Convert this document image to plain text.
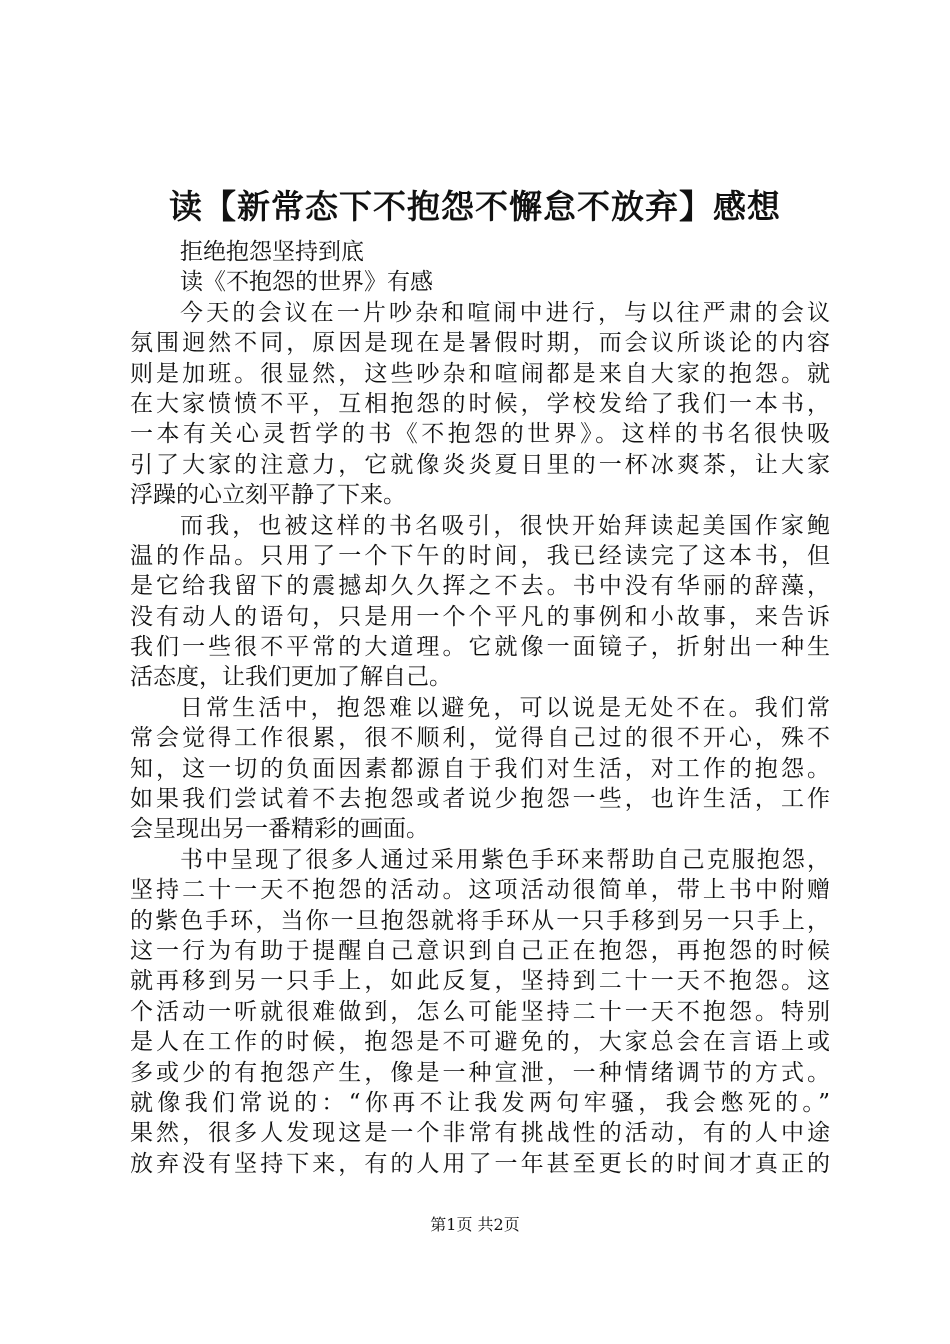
读【新常态下不抱怨不懈怠不放弃】感想
拒绝抱怨坚持到底
读《不抱怨的世界》有感
今天的会议在一片吵杂和喧闹中进行，与以往严肃的会议
氛围迥然不同，原因是现在是暑假时期，而会议所谈论的内容
则是加班。很显然，这些吵杂和喧闹都是来自大家的抱怨。就
在大家愤愤不平，互相抱怨的时候，学校发给了我们一本书，
一本有关心灵哲学的书《不抱怨的世界》。这样的书名很快吸
引了大家的注意力，它就像炎炎夏日里的一杯冰爽茶，让大家
浮躁的心立刻平静了下来。
而我，也被这样的书名吸引，很快开始拜读起美国作家鲍
温的作品。只用了一个下午的时间，我已经读完了这本书，但
是它给我留下的震撼却久久挥之不去。书中没有华丽的辞藻，
没有动人的语句，只是用一个个平凡的事例和小故事，来告诉
我们一些很不平常的大道理。它就像一面镜子，折射出一种生
活态度，让我们更加了解自己。
日常生活中，抱怨难以避免，可以说是无处不在。我们常
常会觉得工作很累，很不顺利，觉得自己过的很不开心，殊不
知，这一切的负面因素都源自于我们对生活，对工作的抱怨。
如果我们尝试着不去抱怨或者说少抱怨一些，也许生活，工作
会呈现出另一番精彩的画面。
书中呈现了很多人通过采用紫色手环来帮助自己克服抱怨，
坚持二十一天不抱怨的活动。这项活动很简单，带上书中附赠
的紫色手环，当你一旦抱怨就将手环从一只手移到另一只手上，
这一行为有助于提醒自己意识到自己正在抱怨，再抱怨的时候
就再移到另一只手上，如此反复，坚持到二十一天不抱怨。这
个活动一听就很难做到，怎么可能坚持二十一天不抱怨。特别
是人在工作的时候，抱怨是不可避免的，大家总会在言语上或
多或少的有抱怨产生，像是一种宣泄，一种情绪调节的方式。
就像我们常说的：“你再不让我发两句牢骚，我会憋死的。”
果然，很多人发现这是一个非常有挑战性的活动，有的人中途
放弃没有坚持下来，有的人用了一年甚至更长的时间才真正的
第1页 共2页
